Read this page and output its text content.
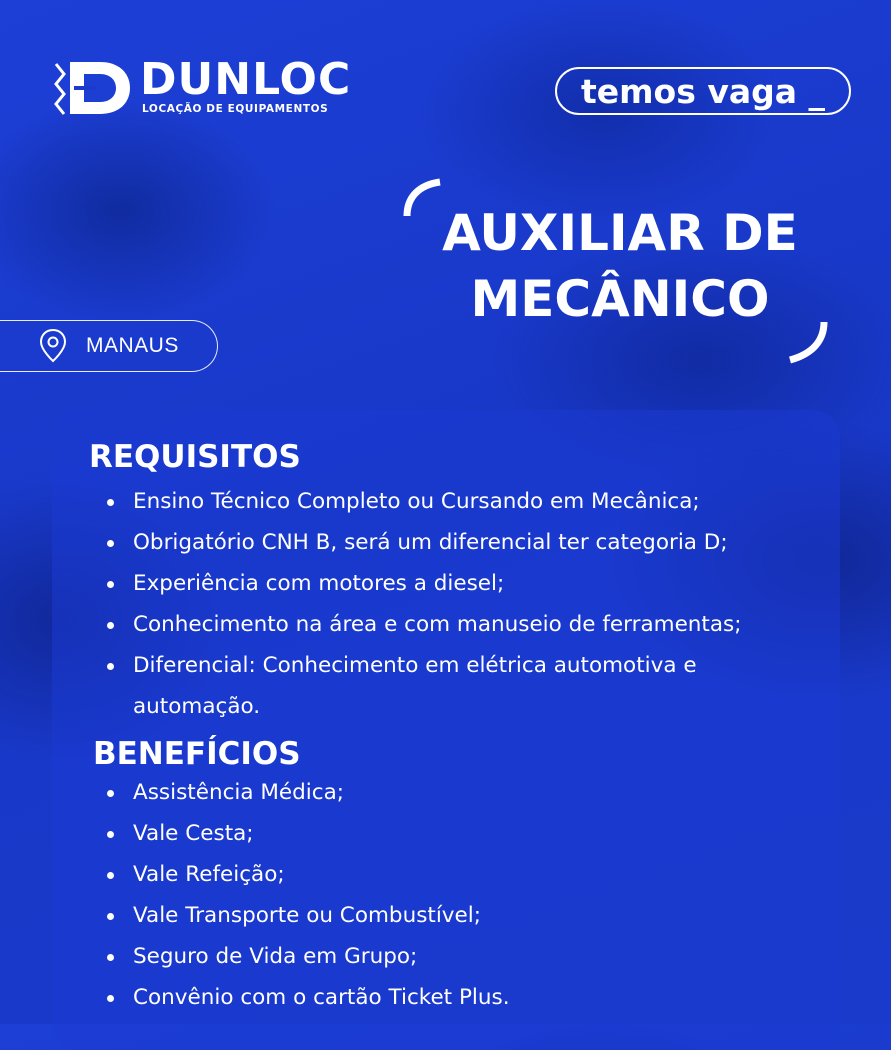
DUNLOC
LOCAÇÃO DE EQUIPAMENTOS	temos vaga _
AUXILIAR DE MECÂNICO
MANAUS
REQUISITOS
Ensino Técnico Completo ou Cursando em Mecânica;
Obrigatório CNH B, será um diferencial ter categoria D;
Experiência com motores a diesel;
Conhecimento na área e com manuseio de ferramentas;
Diferencial: Conhecimento em elétrica automotiva e automação.
BENEFÍCIOS
Assistência Médica;
Vale Cesta;
Vale Refeição;
Vale Transporte ou Combustível;
Seguro de Vida em Grupo;
Convênio com o cartão Ticket Plus.
